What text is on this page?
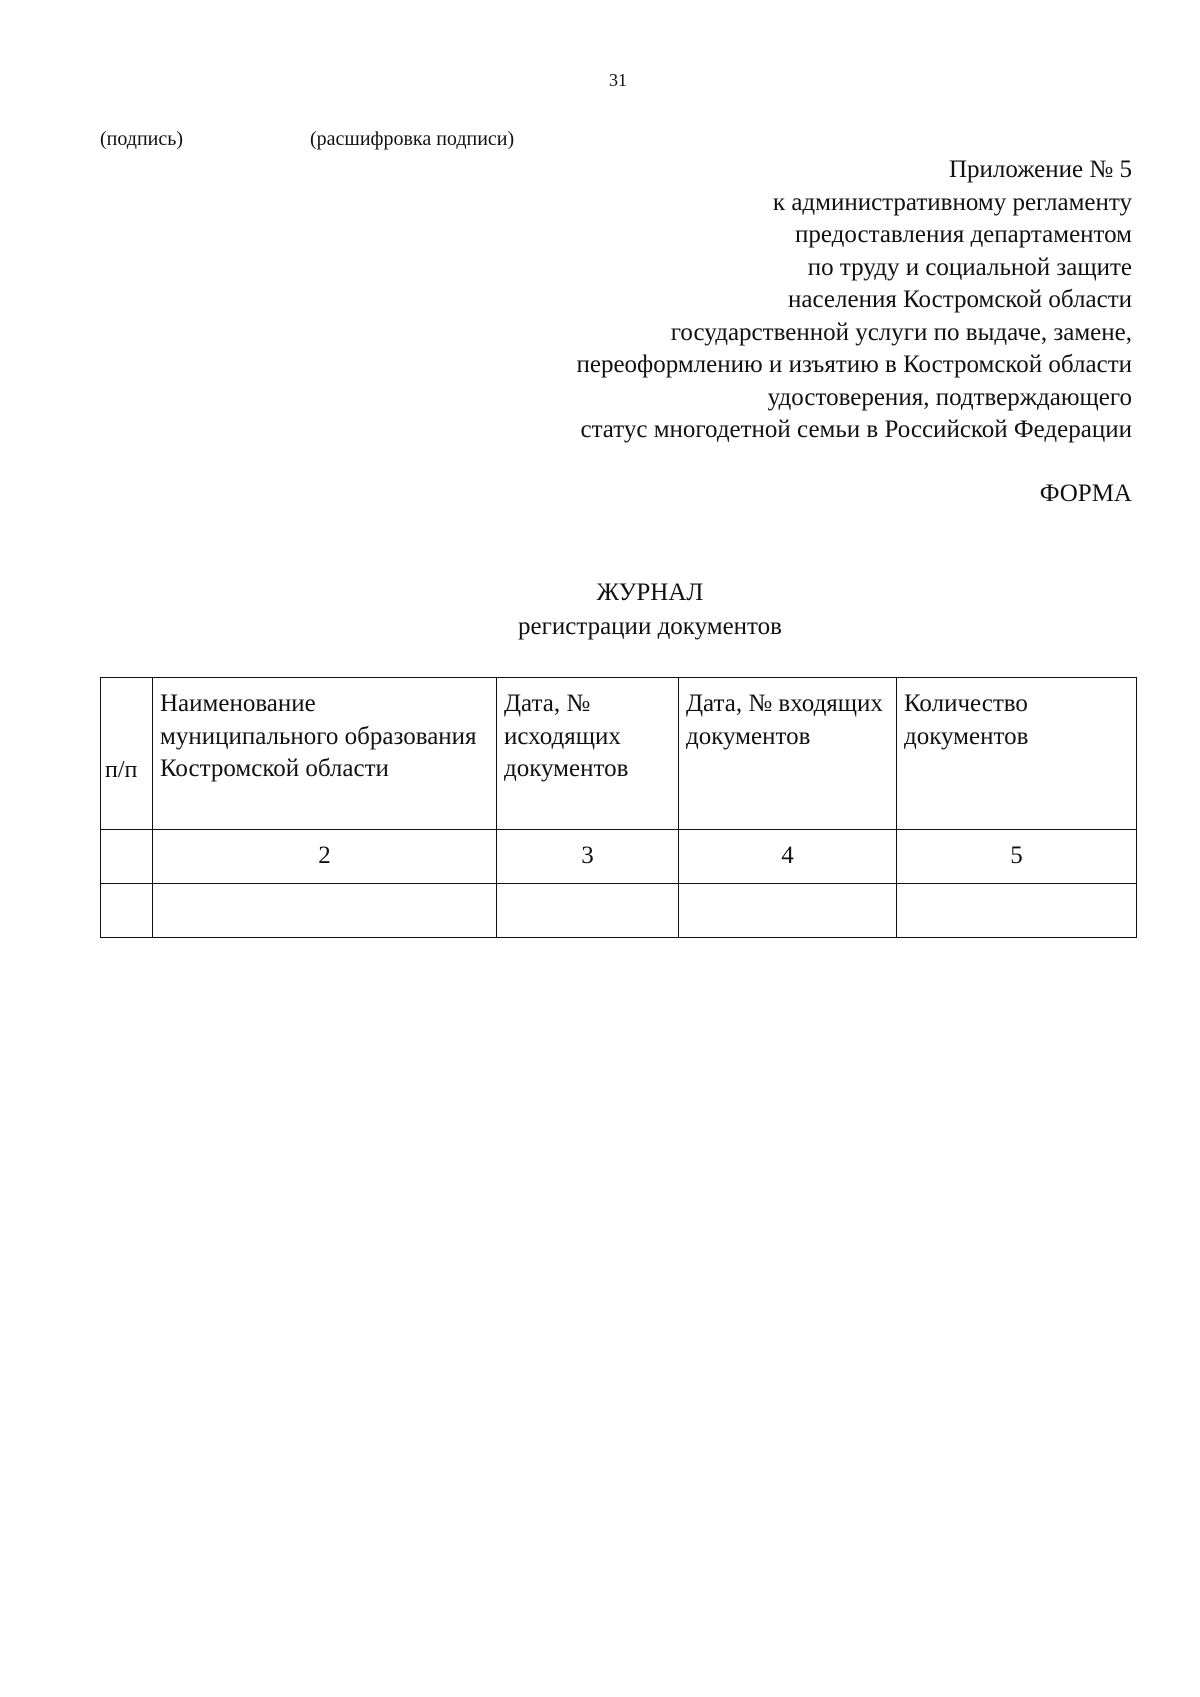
31
(подпись)	(расшифровка подписи)
Приложение № 5
к административному регламенту
предоставления департаментом
по труду и социальной защите
населения Костромской области
государственной услуги по выдаче, замене,
переоформлению и изъятию в Костромской области
удостоверения, подтверждающего
статус многодетной семьи в Российской Федерации
ФОРМА
ЖУРНАЛ
регистрации документов
п/п	Наименование муниципального образования Костромской области	Дата, № исходящих документов	Дата, № входящих документов	Количество документов
	2	3	4	5
